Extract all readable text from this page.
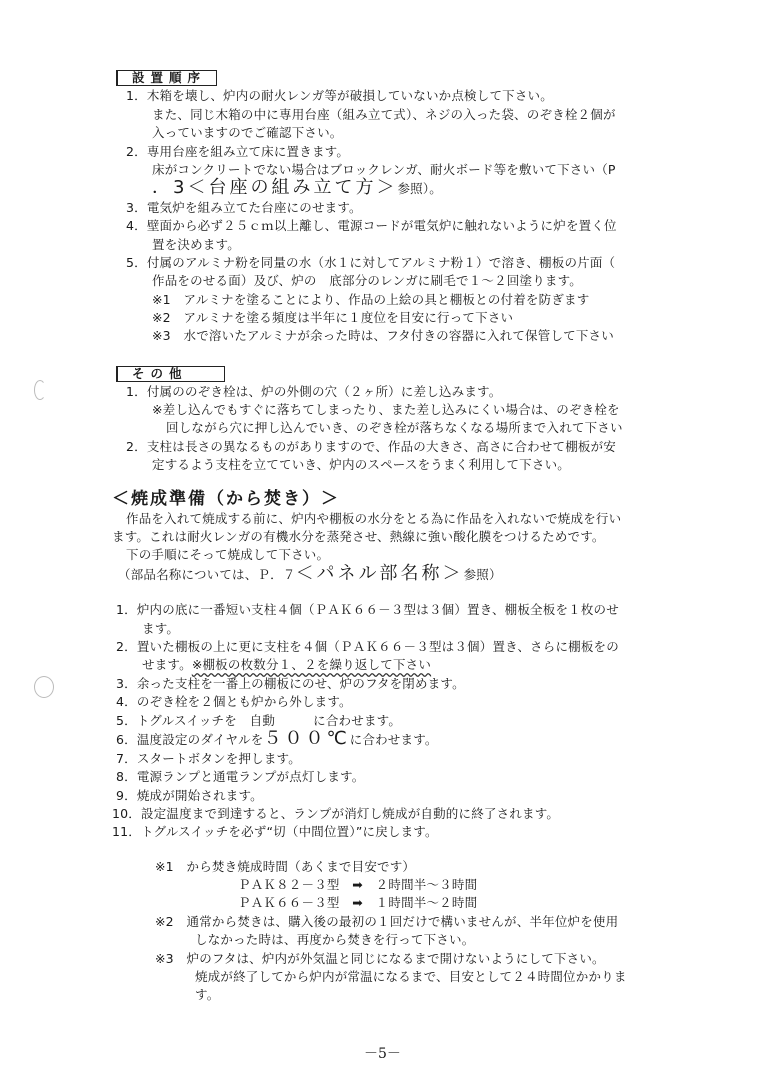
設置順序
1．木箱を壊し、炉内の耐火レンガ等が破損していないか点検して下さい。
また、同じ木箱の中に専用台座（組み立て式）、ネジの入った袋、のぞき栓２個が
入っていますのでご確認下さい。
2．専用台座を組み立て床に置きます。
床がコンクリートでない場合はブロックレンガ、耐火ボード等を敷いて下さい（P
．3＜台座の組み立て方＞参照）。
3．電気炉を組み立てた台座にのせます。
4．壁面から必ず２５ｃｍ以上離し、電源コードが電気炉に触れないように炉を置く位
置を決めます。
5．付属のアルミナ粉を同量の水（水１に対してアルミナ粉１）で溶き、棚板の片面（
作品をのせる面）及び、炉の　底部分のレンガに刷毛で１～２回塗ります。
※1　アルミナを塗ることにより、作品の上絵の具と棚板との付着を防ぎます
※2　アルミナを塗る頻度は半年に１度位を目安に行って下さい
※3　水で溶いたアルミナが余った時は、フタ付きの容器に入れて保管して下さい
その他
1．付属ののぞき栓は、炉の外側の穴（２ヶ所）に差し込みます。
※差し込んでもすぐに落ちてしまったり、また差し込みにくい場合は、のぞき栓を
回しながら穴に押し込んでいき、のぞき栓が落ちなくなる場所まで入れて下さい
2．支柱は長さの異なるものがありますので、作品の大きさ、高さに合わせて棚板が安
定するよう支柱を立てていき、炉内のスペースをうまく利用して下さい。
＜焼成準備（から焚き）＞
作品を入れて焼成する前に、炉内や棚板の水分をとる為に作品を入れないで焼成を行い
ます。これは耐火レンガの有機水分を蒸発させ、熱線に強い酸化膜をつけるためです。
下の手順にそって焼成して下さい。
（部品名称については、Ｐ．７＜パネル部名称＞参照）
1．炉内の底に一番短い支柱４個（ＰＡＫ６６－３型は３個）置き、棚板全板を１枚のせ
ます。
2．置いた棚板の上に更に支柱を４個（ＰＡＫ６６－３型は３個）置き、さらに棚板をの
せます。※棚板の枚数分１、２を繰り返して下さい
3．余った支柱を一番上の棚板にのせ、炉のフタを閉めます。
4．のぞき栓を２個とも炉から外します。
5．トグルスイッチを　自動　　　に合わせます。
6．温度設定のダイヤルを５００℃に合わせます。
7．スタートボタンを押します。
8．電源ランプと通電ランプが点灯します。
9．焼成が開始されます。
10．設定温度まで到達すると、ランプが消灯し焼成が自動的に終了されます。
11．トグルスイッチを必ず“切（中間位置）”に戻します。
※1　から焚き焼成時間（あくまで目安です）
ＰＡＫ８２－３型　➡　２時間半～３時間
ＰＡＫ６６－３型　➡　１時間半～２時間
※2　通常から焚きは、購入後の最初の１回だけで構いませんが、半年位炉を使用
しなかった時は、再度から焚きを行って下さい。
※3　炉のフタは、炉内が外気温と同じになるまで開けないようにして下さい。
焼成が終了してから炉内が常温になるまで、目安として２４時間位かかりま
す。
－5－
